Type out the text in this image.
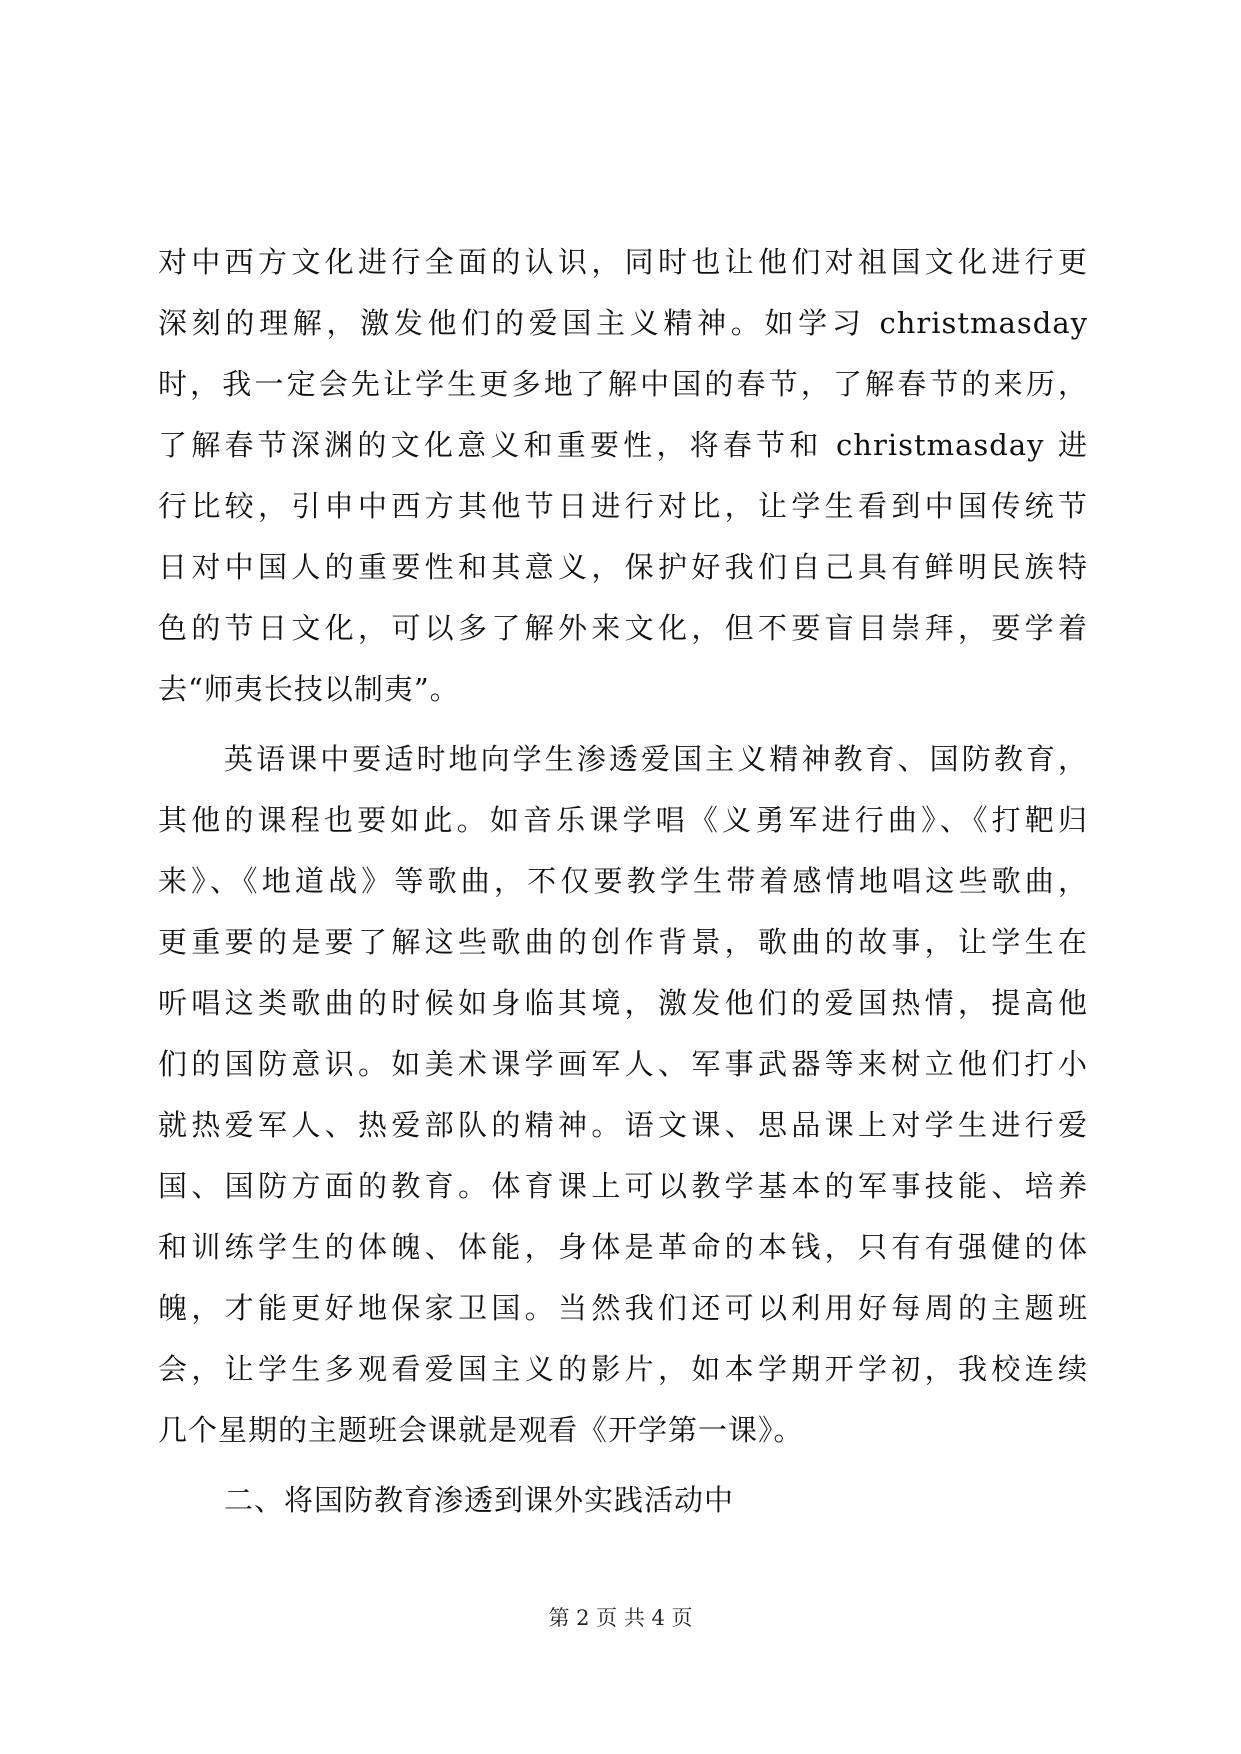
对中西方文化进行全面的认识，同时也让他们对祖国文化进行更
深刻的理解，激发他们的爱国主义精神。如学习 christmasday
时，我一定会先让学生更多地了解中国的春节，了解春节的来历，
了解春节深渊的文化意义和重要性，将春节和 christmasday 进
行比较，引申中西方其他节日进行对比，让学生看到中国传统节
日对中国人的重要性和其意义，保护好我们自己具有鲜明民族特
色的节日文化，可以多了解外来文化，但不要盲目崇拜，要学着
去“师夷长技以制夷”。
英语课中要适时地向学生渗透爱国主义精神教育、国防教育，
其他的课程也要如此。如音乐课学唱《义勇军进行曲》、《打靶归
来》、《地道战》等歌曲，不仅要教学生带着感情地唱这些歌曲，
更重要的是要了解这些歌曲的创作背景，歌曲的故事，让学生在
听唱这类歌曲的时候如身临其境，激发他们的爱国热情，提高他
们的国防意识。如美术课学画军人、军事武器等来树立他们打小
就热爱军人、热爱部队的精神。语文课、思品课上对学生进行爱
国、国防方面的教育。体育课上可以教学基本的军事技能、培养
和训练学生的体魄、体能，身体是革命的本钱，只有有强健的体
魄，才能更好地保家卫国。当然我们还可以利用好每周的主题班
会，让学生多观看爱国主义的影片，如本学期开学初，我校连续
几个星期的主题班会课就是观看《开学第一课》。
二、将国防教育渗透到课外实践活动中
第 2 页 共 4 页
